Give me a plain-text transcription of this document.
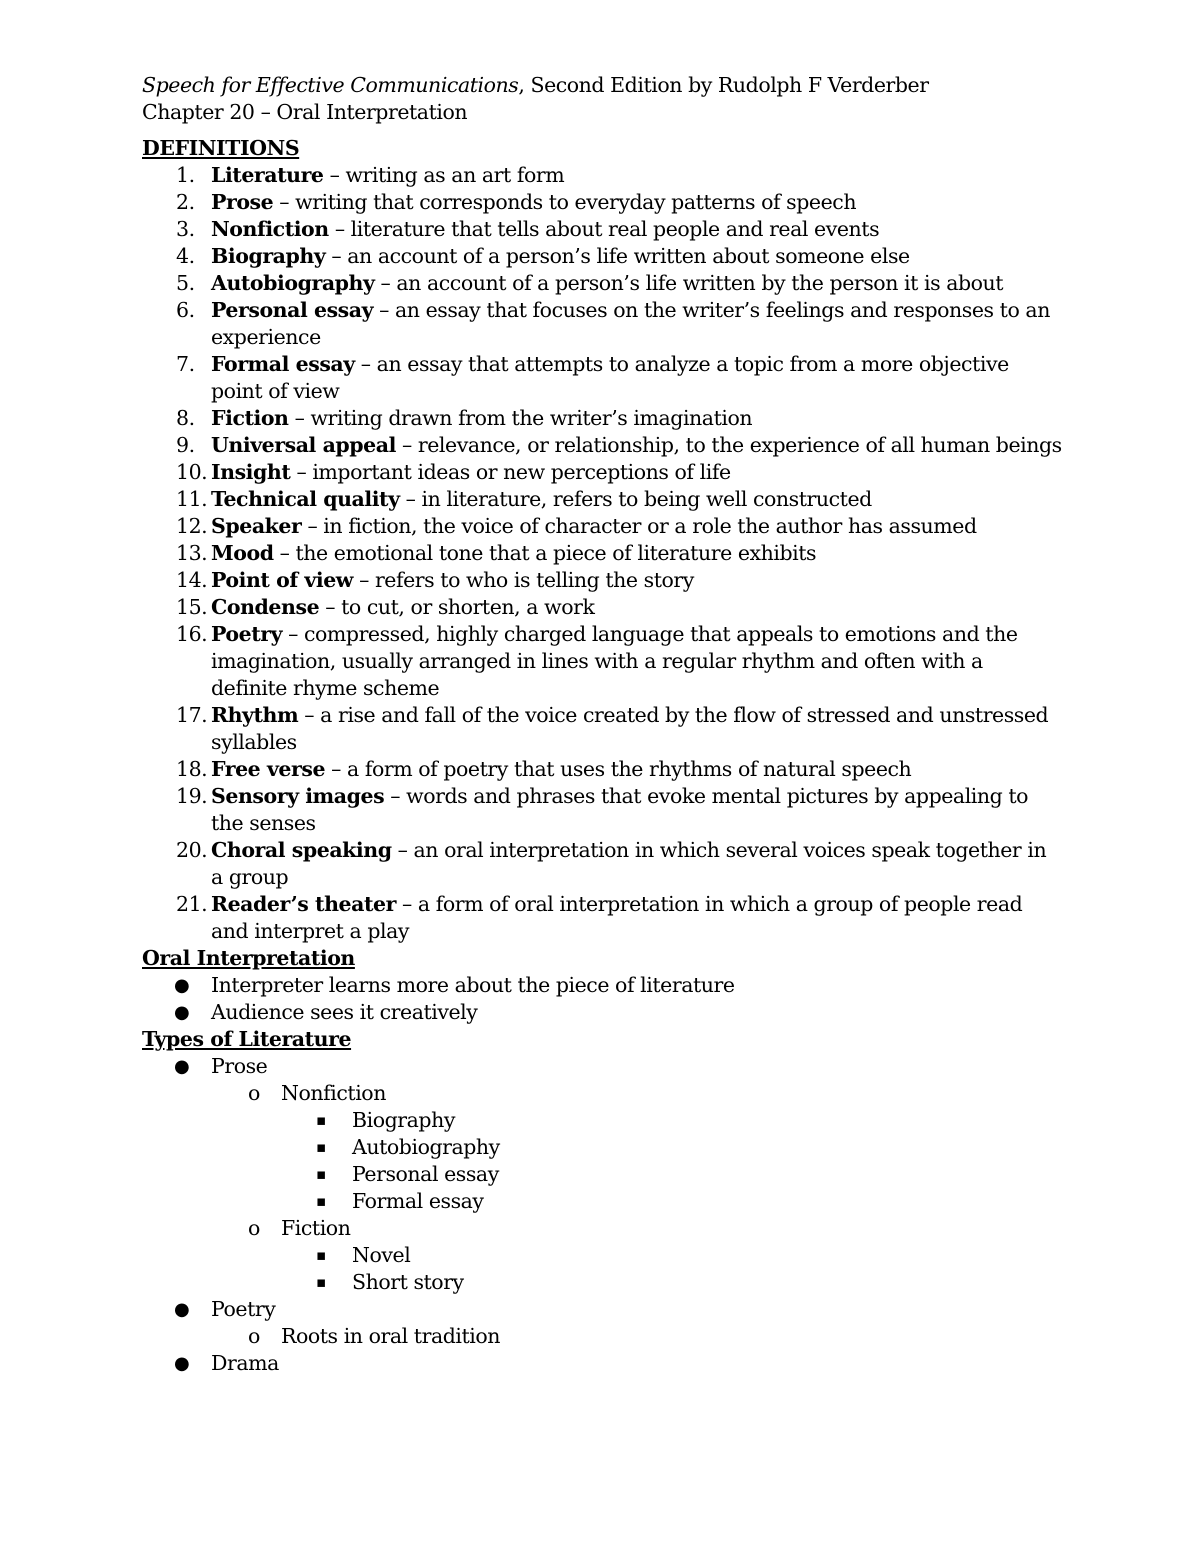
Speech for Effective Communications, Second Edition by Rudolph F Verderber

Chapter 20 – Oral Interpretation

DEFINITIONS

1. Literature – writing as an art form
2. Prose – writing that corresponds to everyday patterns of speech
3. Nonfiction – literature that tells about real people and real events
4. Biography – an account of a person’s life written about someone else
5. Autobiography – an account of a person’s life written by the person it is about
6. Personal essay – an essay that focuses on the writer’s feelings and responses to an experience
7. Formal essay – an essay that attempts to analyze a topic from a more objective point of view
8. Fiction – writing drawn from the writer’s imagination
9. Universal appeal – relevance, or relationship, to the experience of all human beings
10. Insight – important ideas or new perceptions of life
11. Technical quality – in literature, refers to being well constructed
12. Speaker – in fiction, the voice of character or a role the author has assumed
13. Mood – the emotional tone that a piece of literature exhibits
14. Point of view – refers to who is telling the story
15. Condense – to cut, or shorten, a work
16. Poetry – compressed, highly charged language that appeals to emotions and the imagination, usually arranged in lines with a regular rhythm and often with a definite rhyme scheme
17. Rhythm – a rise and fall of the voice created by the flow of stressed and unstressed syllables
18. Free verse – a form of poetry that uses the rhythms of natural speech
19. Sensory images – words and phrases that evoke mental pictures by appealing to the senses
20. Choral speaking – an oral interpretation in which several voices speak together in a group
21. Reader’s theater – a form of oral interpretation in which a group of people read and interpret a play

Oral Interpretation

● Interpreter learns more about the piece of literature
● Audience sees it creatively

Types of Literature

● Prose
o Nonfiction
▪ Biography
▪ Autobiography
▪ Personal essay
▪ Formal essay
o Fiction
▪ Novel
▪ Short story
● Poetry
o Roots in oral tradition
● Drama
